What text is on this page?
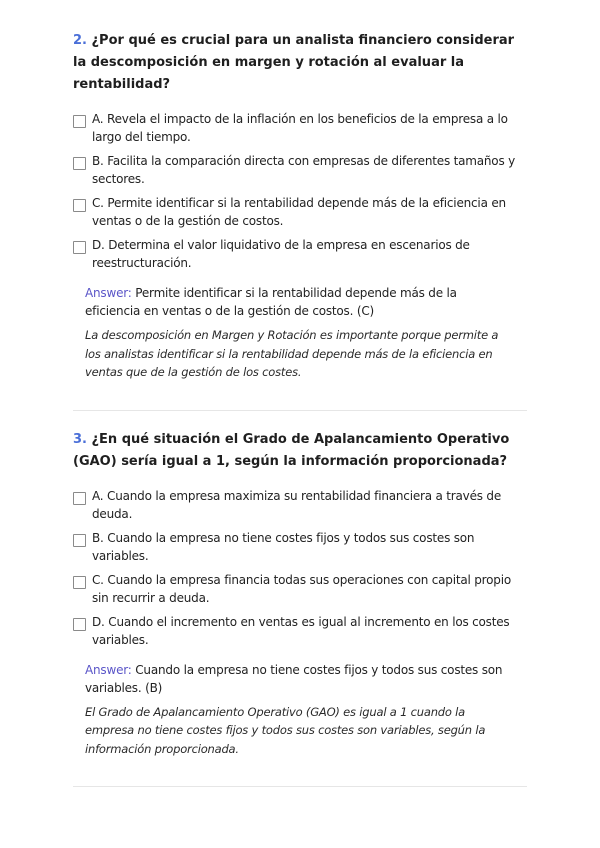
2. ¿Por qué es crucial para un analista financiero considerar la descomposición en margen y rotación al evaluar la rentabilidad?

A. Revela el impacto de la inflación en los beneficios de la empresa a lo largo del tiempo.
B. Facilita la comparación directa con empresas de diferentes tamaños y sectores.
C. Permite identificar si la rentabilidad depende más de la eficiencia en ventas o de la gestión de costos.
D. Determina el valor liquidativo de la empresa en escenarios de reestructuración.
Answer: Permite identificar si la rentabilidad depende más de la eficiencia en ventas o de la gestión de costos. (C)
La descomposición en Margen y Rotación es importante porque permite a los analistas identificar si la rentabilidad depende más de la eficiencia en ventas que de la gestión de los costes.

3. ¿En qué situación el Grado de Apalancamiento Operativo (GAO) sería igual a 1, según la información proporcionada?

A. Cuando la empresa maximiza su rentabilidad financiera a través de deuda.
B. Cuando la empresa no tiene costes fijos y todos sus costes son variables.
C. Cuando la empresa financia todas sus operaciones con capital propio sin recurrir a deuda.
D. Cuando el incremento en ventas es igual al incremento en los costes variables.
Answer: Cuando la empresa no tiene costes fijos y todos sus costes son variables. (B)
El Grado de Apalancamiento Operativo (GAO) es igual a 1 cuando la empresa no tiene costes fijos y todos sus costes son variables, según la información proporcionada.
